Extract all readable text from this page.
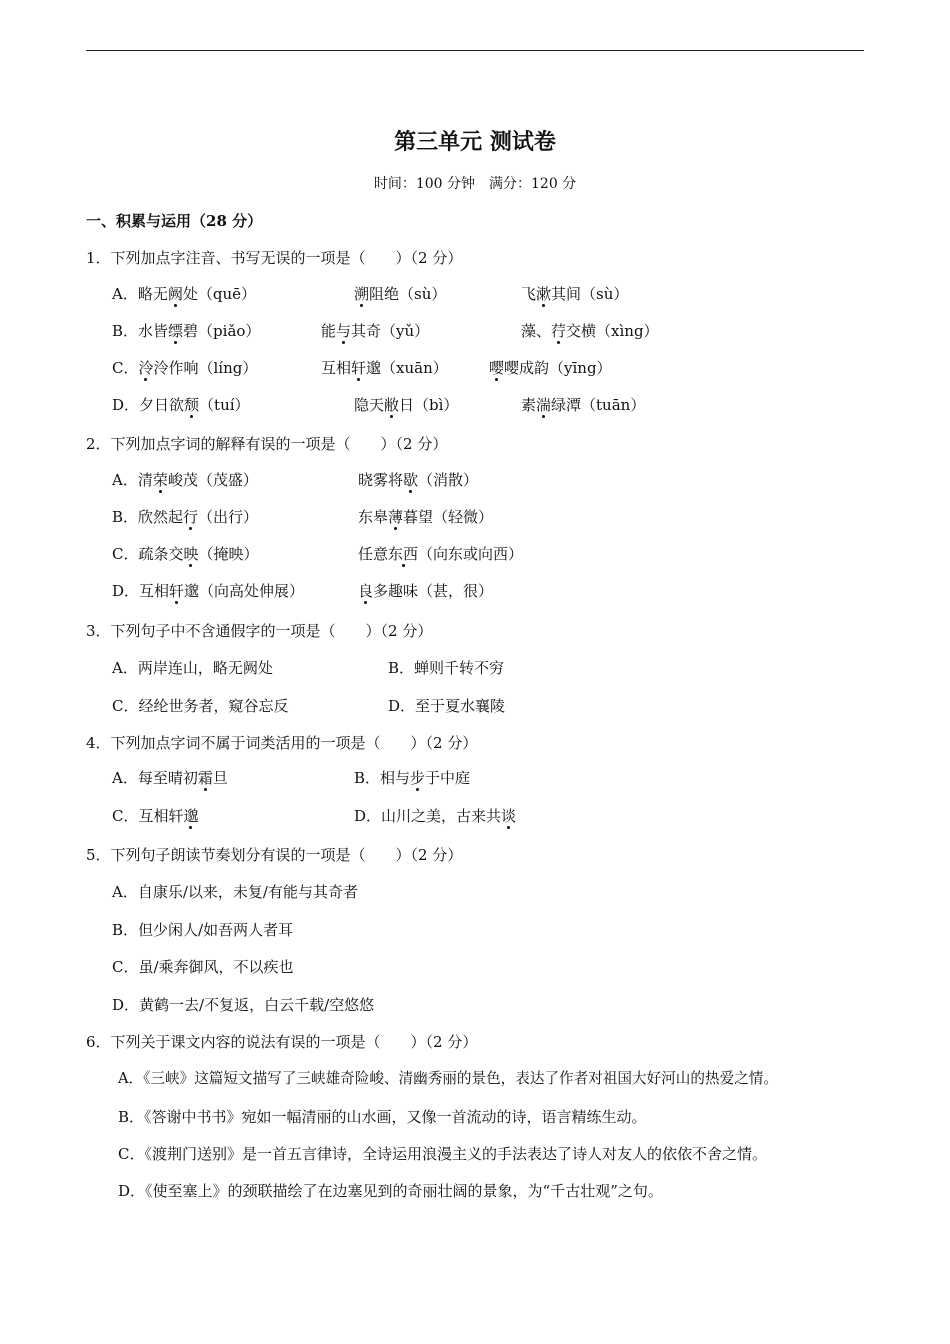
第三单元 测试卷
时间：100 分钟　满分：120 分
一、积累与运用（28 分）
1．下列加点字注音、书写无误的一项是（　　）（2 分）
A．略无阙处（quē）	溯阻绝（sù）	飞漱其间（sù）
B．水皆缥碧（piǎo）	能与其奇（yǔ）	藻、荇交横（xìng）
C．泠泠作响（líng）	互相轩邈（xuān）	嘤嘤成韵（yīng）
D．夕日欲颓（tuí）	隐天敝日（bì）	素湍绿潭（tuān）
2．下列加点字词的解释有误的一项是（　　）（2 分）
A．清荣峻茂（茂盛）	晓雾将歇（消散）
B．欣然起行（出行）	东皋薄暮望（轻微）
C．疏条交映（掩映）	任意东西（向东或向西）
D．互相轩邈（向高处伸展）	良多趣味（甚，很）
3．下列句子中不含通假字的一项是（　　）（2 分）
A．两岸连山，略无阙处	B．蝉则千转不穷
C．经纶世务者，窥谷忘反	D．至于夏水襄陵
4．下列加点字词不属于词类活用的一项是（　　）（2 分）
A．每至晴初霜旦	B．相与步于中庭
C．互相轩邈	D．山川之美，古来共谈
5．下列句子朗读节奏划分有误的一项是（　　）（2 分）
A．自康乐/以来，未复/有能与其奇者
B．但少闲人/如吾两人者耳
C．虽/乘奔御风，不以疾也
D．黄鹤一去/不复返，白云千载/空悠悠
6．下列关于课文内容的说法有误的一项是（　　）（2 分）
A．《三峡》这篇短文描写了三峡雄奇险峻、清幽秀丽的景色，表达了作者对祖国大好河山的热爱之情。
B．《答谢中书书》宛如一幅清丽的山水画，又像一首流动的诗，语言精练生动。
C．《渡荆门送别》是一首五言律诗，全诗运用浪漫主义的手法表达了诗人对友人的依依不舍之情。
D．《使至塞上》的颈联描绘了在边塞见到的奇丽壮阔的景象，为“千古壮观”之句。
